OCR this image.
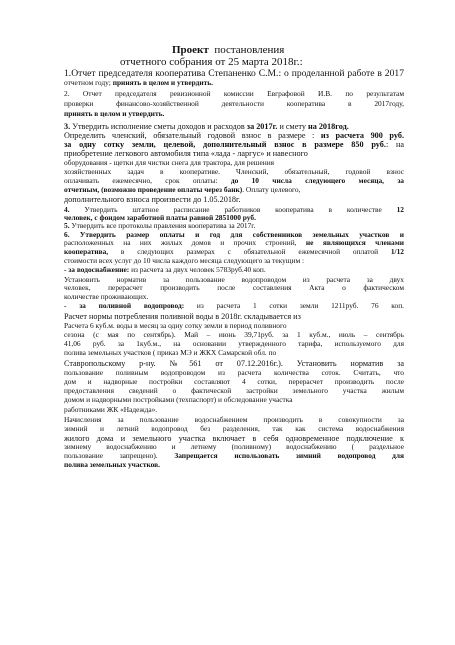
Проект постановления
отчетного собрания от 25 марта 2018г.:
1.Отчет председателя кооператива Степаненко С.М.: о проделанной работе в 2017
отчетном году; принять в целом и утвердить.
2. Отчет председателя ревизионной комиссии Евграфовой И.В. по результатам
проверки финансово-хозяйственной деятельности кооператива в 2017году,
принять в целом и утвердить.
3. Утвердить исполнение сметы доходов и расходов за 2017г. и смету на 2018год.
Определить членский, обязательный годовой взнос в размере : из расчета 900 руб.
за одну сотку земли, целевой, дополнительный взнос в размере 850 руб.: на
приобретение легкового автомобиля типа «лада - ларгус» и навесного
оборудования - щетки для чистки снега для трактора, для решения
хозяйственных задач в кооперативе. Членский, обязательный, годовой взнос
оплачивать ежемесячно, срок оплаты: до 10 числа следующего месяца, за
отчетным, (возможно проведение оплаты через банк). Оплату целевого,
дополнительного взноса произвести до 1.05.2018г.
4. Утвердить штатное расписание работников кооператива в количестве 12
человек, с фондом заработной платы равной 2851000 руб.
5. Утвердить все протоколы правления кооператива за 2017г.
6. Утвердить размер оплаты и год для собственников земельных участков и
расположенных на них жилых домов и прочих строений, не являющихся членами
кооператива, в следующих размерах с обязательной ежемесячной оплатой 1/12
стоимости всех услуг до 10 числа каждого месяца следующего за текущим :
- за водоснабжение: из расчета за двух человек 5783руб.40 коп.
Установить норматив за пользование водопроводом из расчета за двух
человек, перерасчет производить после составления Акта о фактическом
количестве проживающих.
- за поливной водопровод: из расчета 1 сотки земли 1211руб. 76 коп.
Расчет нормы потребления поливной воды в 2018г. складывается из
Расчета 6 куб.м. воды в месяц за одну сотку земли в период поливного
сезона (с мая по сентябрь). Май – июнь 39,71руб. за 1 куб.м., июль – сентябрь
41,06 руб. за 1куб.м., на основании утвержденного тарифа, используемого для
полива земельных участков ( приказ МЭ и ЖКХ Самарской обл. по
Ставропольскому р-ну. №561 от 07.12.2016г.). Установить норматив за
пользование поливным водопроводом из расчета количества соток. Считать, что
дом и надворные постройки составляют 4 сотки, перерасчет производить после
предоставления сведений о фактической застройки земельного участка жилым
домом и надворными постройками (техпаспорт) и обследование участка
работниками ЖК «Надежда».
Начисления за пользование водоснабжением производить в совокупности за
зимний и летний водопровод без разделения, так как система водоснабжения
жилого дома и земельного участка включает в себя одновременное подключение к
зимнему водоснабжению и летнему (поливному) водоснабжению ( раздельное
пользование запрещено). Запрещается использовать зимний водопровод для
полива земельных участков.
